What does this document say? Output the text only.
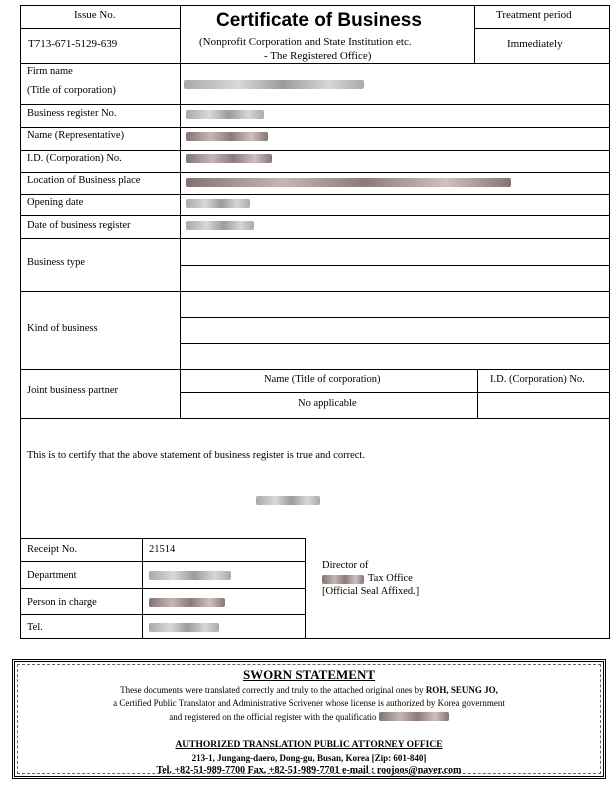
Issue No.
T713-671-5129-639
Certificate of Business
(Nonprofit Corporation and State Institution etc.
- The Registered Office)
Treatment period
Immediately
Firm name
(Title of corporation)
Business register No.
Name (Representative)
I.D. (Corporation) No.
Location of Business place
Opening date
Date of business register
Business type
Kind of business
Joint business partner
Name (Title of corporation)	I.D. (Corporation) No.
No applicable
This is to certify that the above statement of business register is true and correct.
Receipt No.	21514
Department
Person in charge
Tel.
Director of
Tax Office
[Official Seal Affixed.]
SWORN STATEMENT
These documents were translated correctly and truly to the attached original ones by ROH, SEUNG JO,
a Certified Public Translator and Administrative Scrivener whose license is authorized by Korea government
and registered on the official register with the qualificatio
AUTHORIZED TRANSLATION PUBLIC ATTORNEY OFFICE
213-1, Jungang-daero, Dong-gu, Busan, Korea [Zip: 601-840]
Tel. +82-51-989-7700 Fax. +82-51-989-7701 e-mail : roojoos@naver.com
